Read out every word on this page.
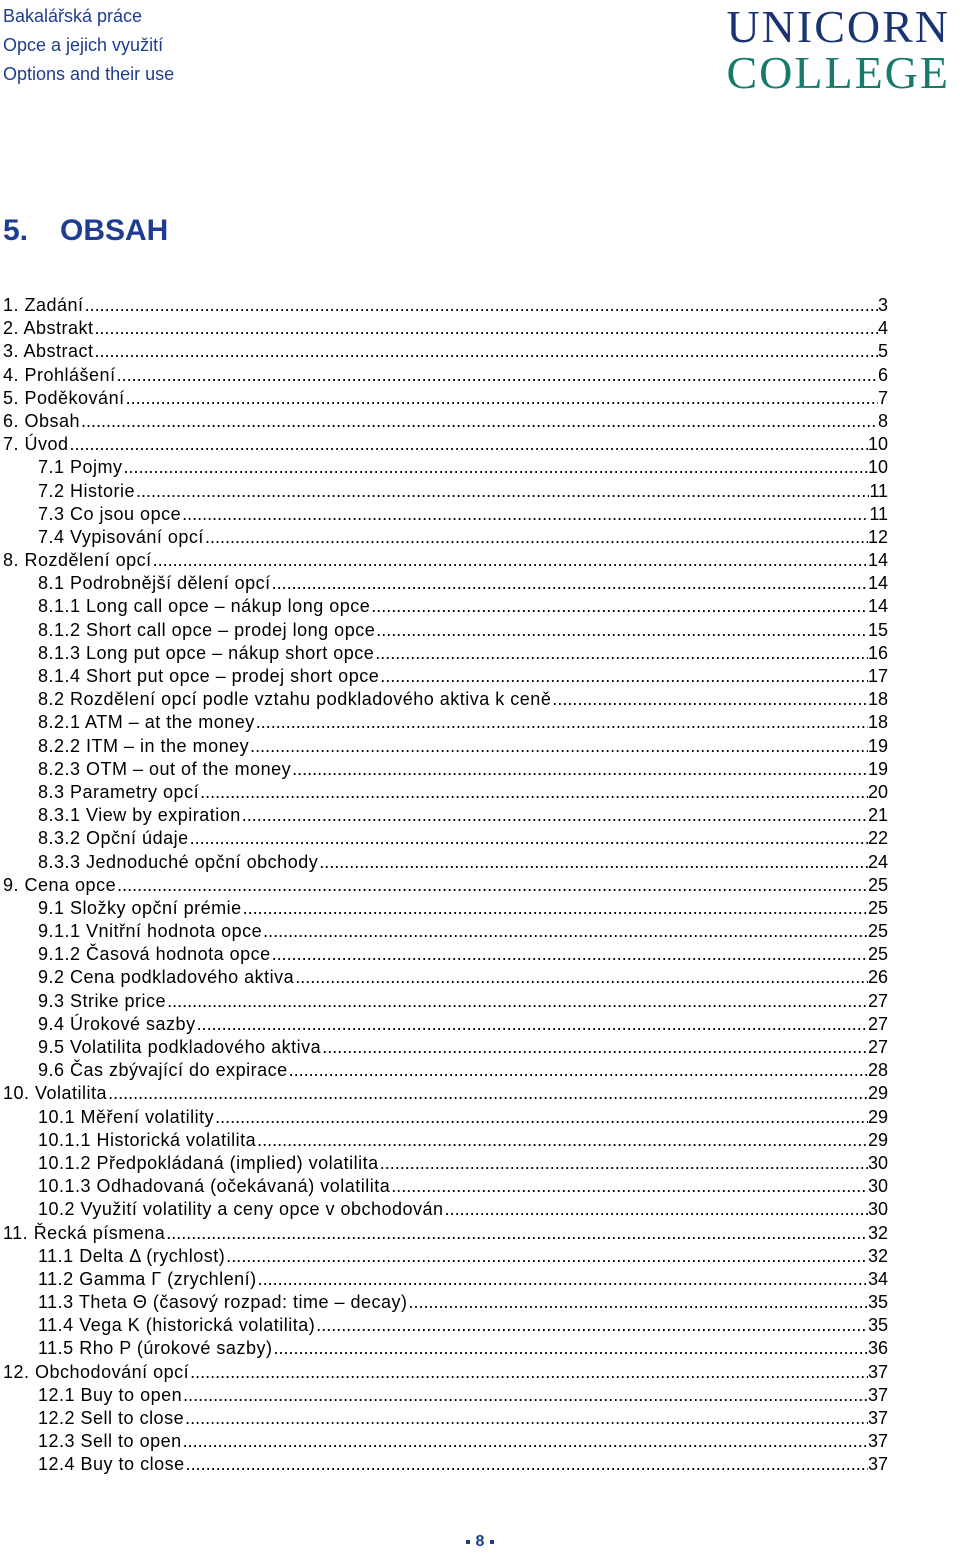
Bakalářská práce
Opce a jejich využití
Options and their use
UNICORN
COLLEGE
5. OBSAH
1. Zadání .....	3
2. Abstrakt .....	4
3. Abstract .....	5
4. Prohlášení .....	6
5. Poděkování .....	7
6. Obsah .....	8
7. Úvod .....	10
7.1 Pojmy .....	10
7.2 Historie .....	11
7.3 Co jsou opce .....	11
7.4 Vypisování opcí .....	12
8. Rozdělení opcí .....	14
8.1 Podrobnější dělení opcí .....	14
8.1.1 Long call opce – nákup long opce .....	14
8.1.2 Short call opce – prodej long opce .....	15
8.1.3 Long put opce – nákup short opce .....	16
8.1.4 Short put opce – prodej short opce .....	17
8.2 Rozdělení opcí podle vztahu podkladového aktiva k ceně .....	18
8.2.1 ATM – at the money .....	18
8.2.2 ITM – in the money .....	19
8.2.3 OTM – out of the money .....	19
8.3 Parametry opcí .....	20
8.3.1 View by expiration .....	21
8.3.2 Opční údaje .....	22
8.3.3 Jednoduché opční obchody .....	24
9. Cena opce .....	25
9.1 Složky opční prémie .....	25
9.1.1 Vnitřní hodnota opce .....	25
9.1.2 Časová hodnota opce .....	25
9.2 Cena podkladového aktiva .....	26
9.3 Strike price .....	27
9.4 Úrokové sazby .....	27
9.5 Volatilita podkladového aktiva .....	27
9.6 Čas zbývající do expirace .....	28
10. Volatilita .....	29
10.1 Měření volatility .....	29
10.1.1 Historická volatilita .....	29
10.1.2 Předpokládaná (implied) volatilita .....	30
10.1.3 Odhadovaná (očekávaná) volatilita .....	30
10.2 Využití volatility a ceny opce v obchodován .....	30
11. Řecká písmena .....	32
11.1 Delta Δ (rychlost) .....	32
11.2 Gamma Γ (zrychlení) .....	34
11.3 Theta Θ (časový rozpad: time – decay) .....	35
11.4 Vega K (historická volatilita) .....	35
11.5 Rho P (úrokové sazby) .....	36
12. Obchodování opcí .....	37
12.1 Buy to open .....	37
12.2 Sell to close .....	37
12.3 Sell to open .....	37
12.4 Buy to close .....	37
8
